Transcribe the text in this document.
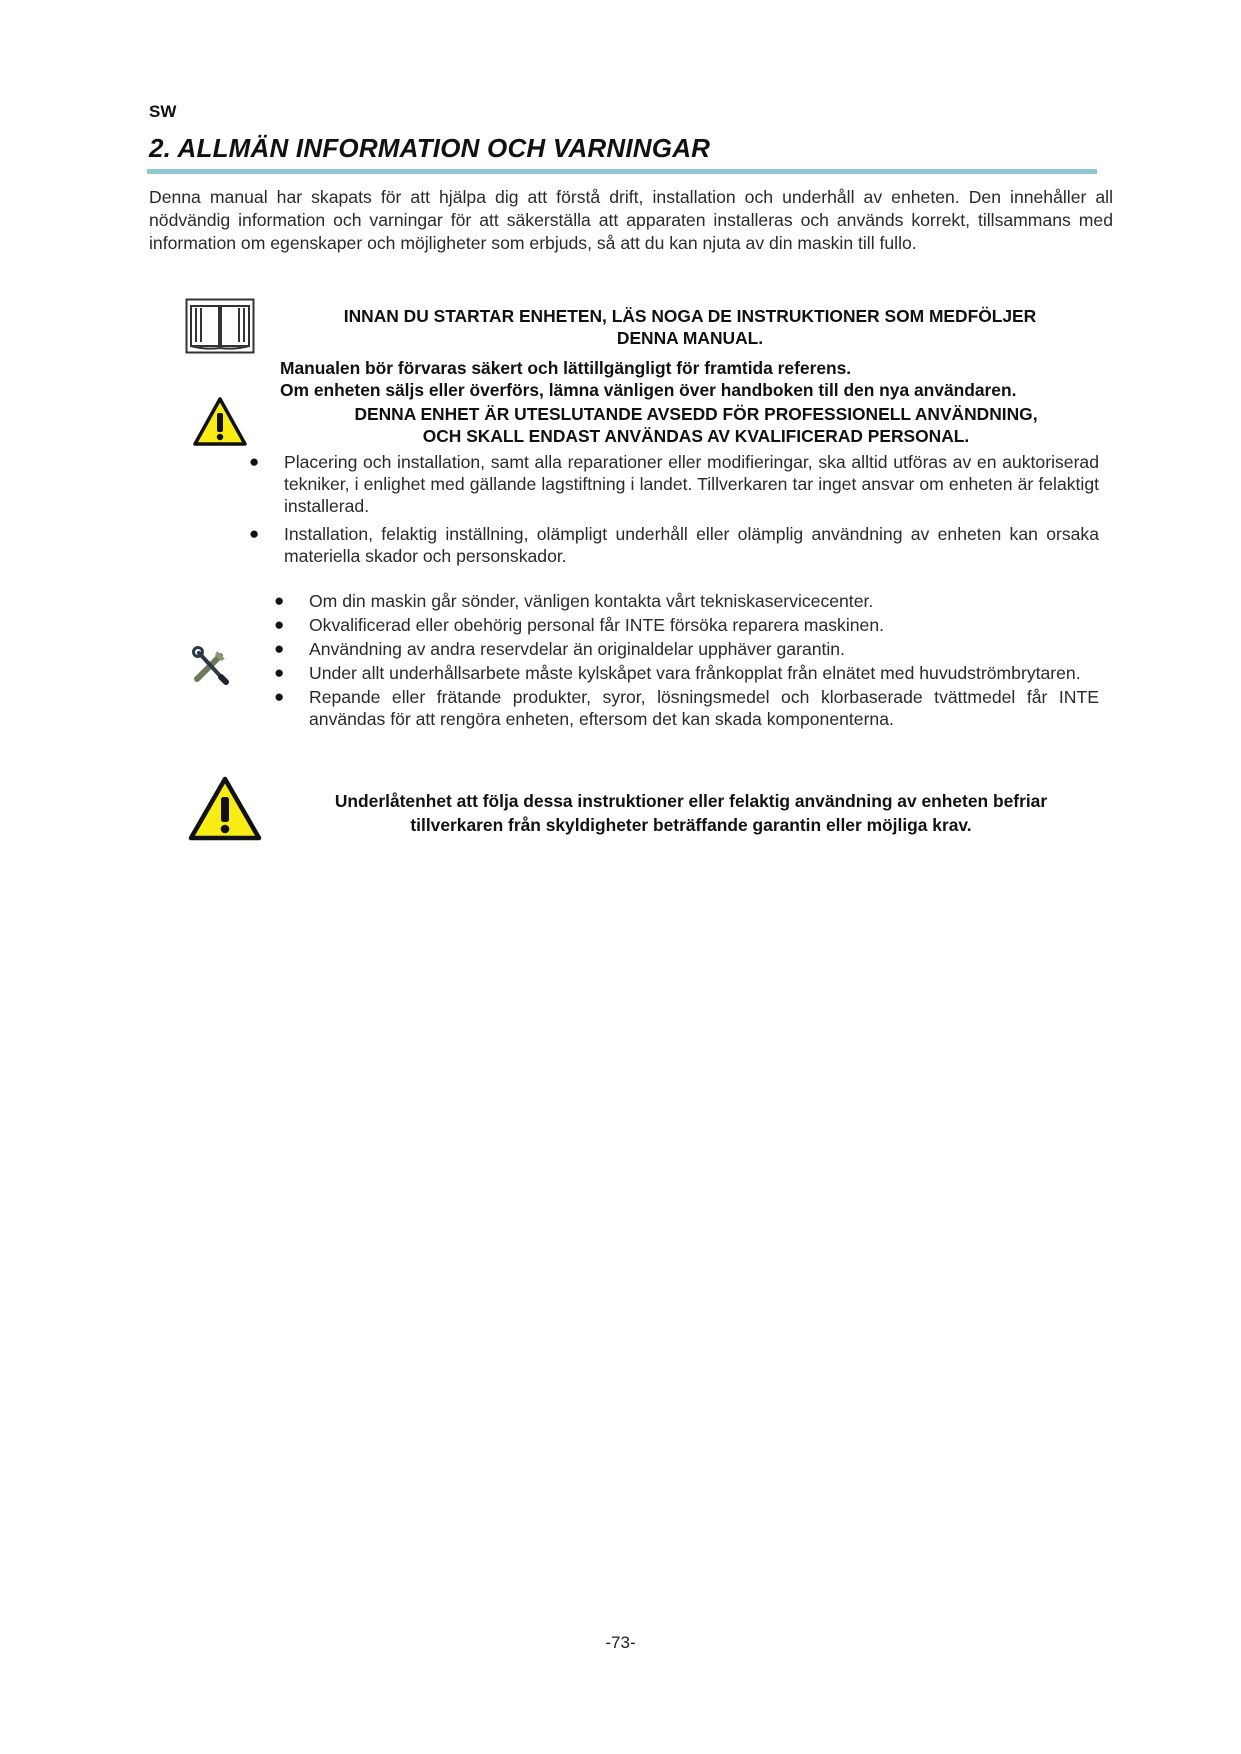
SW
2. ALLMÄN INFORMATION OCH VARNINGAR

Denna manual har skapats för att hjälpa dig att förstå drift, installation och underhåll av enheten. Den innehåller all nödvändig information och varningar för att säkerställa att apparaten installeras och används korrekt, tillsammans med information om egenskaper och möjligheter som erbjuds, så att du kan njuta av din maskin till fullo.

INNAN DU STARTAR ENHETEN, LÄS NOGA DE INSTRUKTIONER SOM MEDFÖLJER
DENNA MANUAL.
Manualen bör förvaras säkert och lättillgängligt för framtida referens.
Om enheten säljs eller överförs, lämna vänligen över handboken till den nya användaren.
DENNA ENHET ÄR UTESLUTANDE AVSEDD FÖR PROFESSIONELL ANVÄNDNING,
OCH SKALL ENDAST ANVÄNDAS AV KVALIFICERAD PERSONAL.
● Placering och installation, samt alla reparationer eller modifieringar, ska alltid utföras av en auktoriserad tekniker, i enlighet med gällande lagstiftning i landet. Tillverkaren tar inget ansvar om enheten är felaktigt installerad.
● Installation, felaktig inställning, olämpligt underhåll eller olämplig användning av enheten kan orsaka materiella skador och personskador.
● Om din maskin går sönder, vänligen kontakta vårt tekniskaservicecenter.
● Okvalificerad eller obehörig personal får INTE försöka reparera maskinen.
● Användning av andra reservdelar än originaldelar upphäver garantin.
● Under allt underhållsarbete måste kylskåpet vara frånkopplat från elnätet med huvudströmbrytaren.
● Repande eller frätande produkter, syror, lösningsmedel och klorbaserade tvättmedel får INTE användas för att rengöra enheten, eftersom det kan skada komponenterna.
Underlåtenhet att följa dessa instruktioner eller felaktig användning av enheten befriar
tillverkaren från skyldigheter beträffande garantin eller möjliga krav.
-73-
